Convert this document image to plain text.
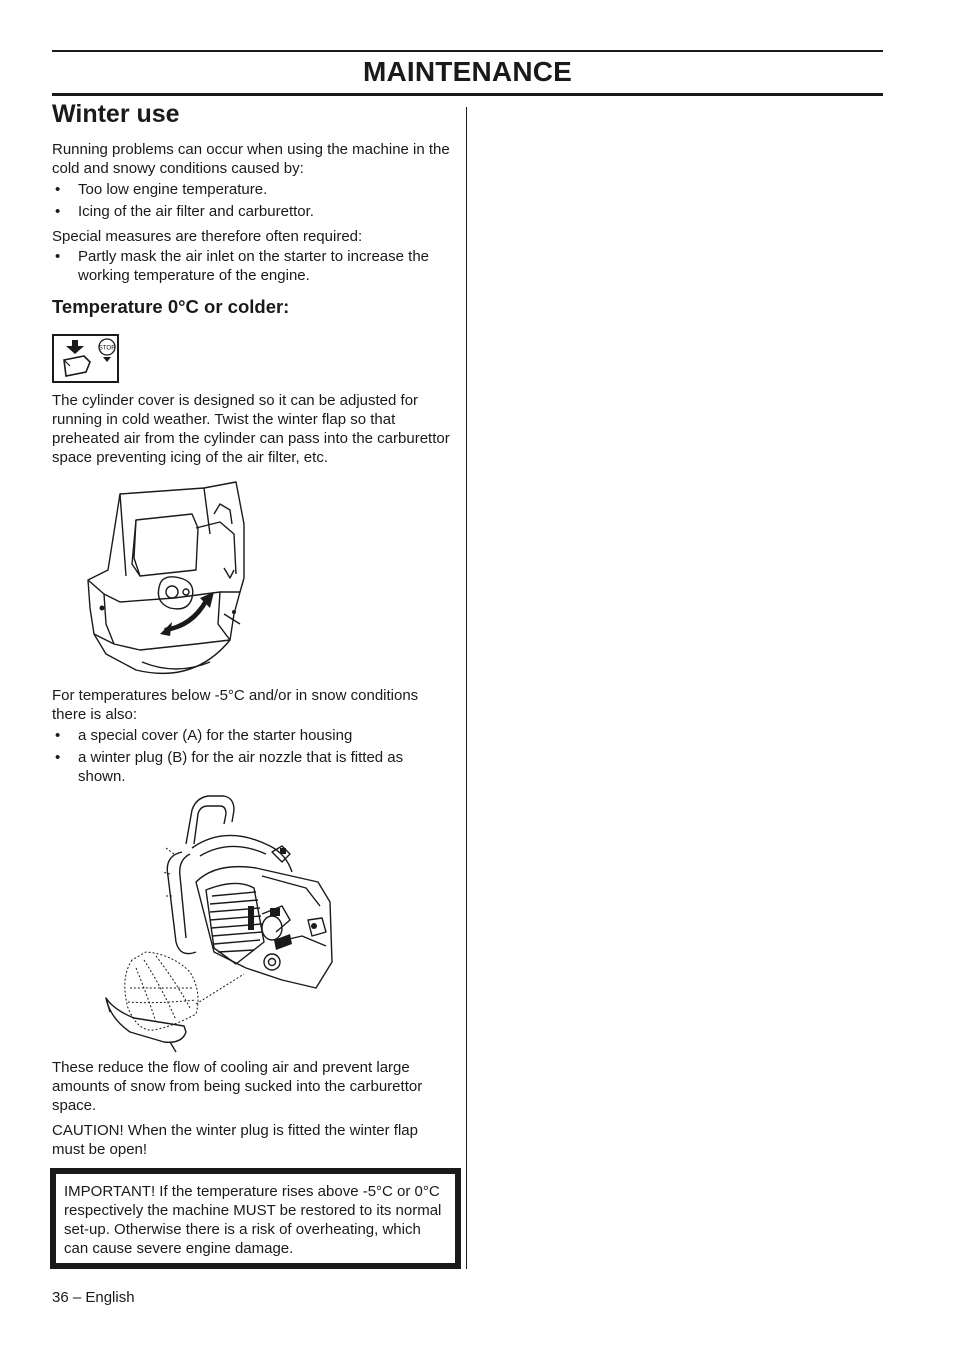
MAINTENANCE
Winter use

Running problems can occur when using the machine in the cold and snowy conditions caused by:

• Too low engine temperature.
• Icing of the air filter and carburettor.

Special measures are therefore often required:

• Partly mask the air inlet on the starter to increase the working temperature of the engine.
Temperature 0°C or colder:
STOP

The cylinder cover is designed so it can be adjusted for running in cold weather. Twist the winter flap so that preheated air from the cylinder can pass into the carburettor space preventing icing of the air filter, etc.

For temperatures below -5°C and/or in snow conditions there is also:

• a special cover (A) for the starter housing
• a winter plug (B) for the air nozzle that is fitted as shown.

These reduce the flow of cooling air and prevent large amounts of snow from being sucked into the carburettor space.

CAUTION! When the winter plug is fitted the winter flap must be open!

IMPORTANT! If the temperature rises above -5°C or 0°C respectively the machine MUST be restored to its normal set-up. Otherwise there is a risk of overheating, which can cause severe engine damage.
36 – English
